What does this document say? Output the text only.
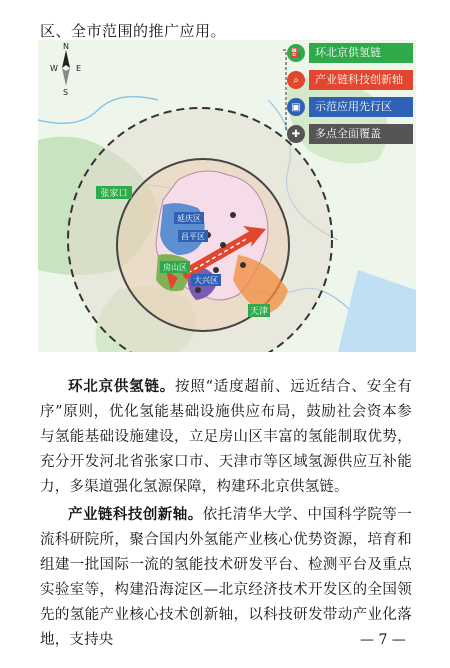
区、全市范围的推广应用。
张家口
延庆区
昌平区
房山区
大兴区
天津
N
S
W E
⛽	环北京供氢链
⌕	产业链科技创新轴
▣	示范应用先行区
✚	多点全面覆盖
环北京供氢链。按照“适度超前、远近结合、安全有序”原则，优化氢能基础设施供应布局，鼓励社会资本参与氢能基础设施建设，立足房山区丰富的氢能制取优势，充分开发河北省张家口市、天津市等区域氢源供应互补能力，多渠道强化氢源保障，构建环北京供氢链。
产业链科技创新轴。依托清华大学、中国科学院等一流科研院所，聚合国内外氢能产业核心优势资源，培育和组建一批国际一流的氢能技术研发平台、检测平台及重点实验室等，构建沿海淀区—北京经济技术开发区的全国领先的氢能产业核心技术创新轴，以科技研发带动产业化落地，支持央	— 7 —
